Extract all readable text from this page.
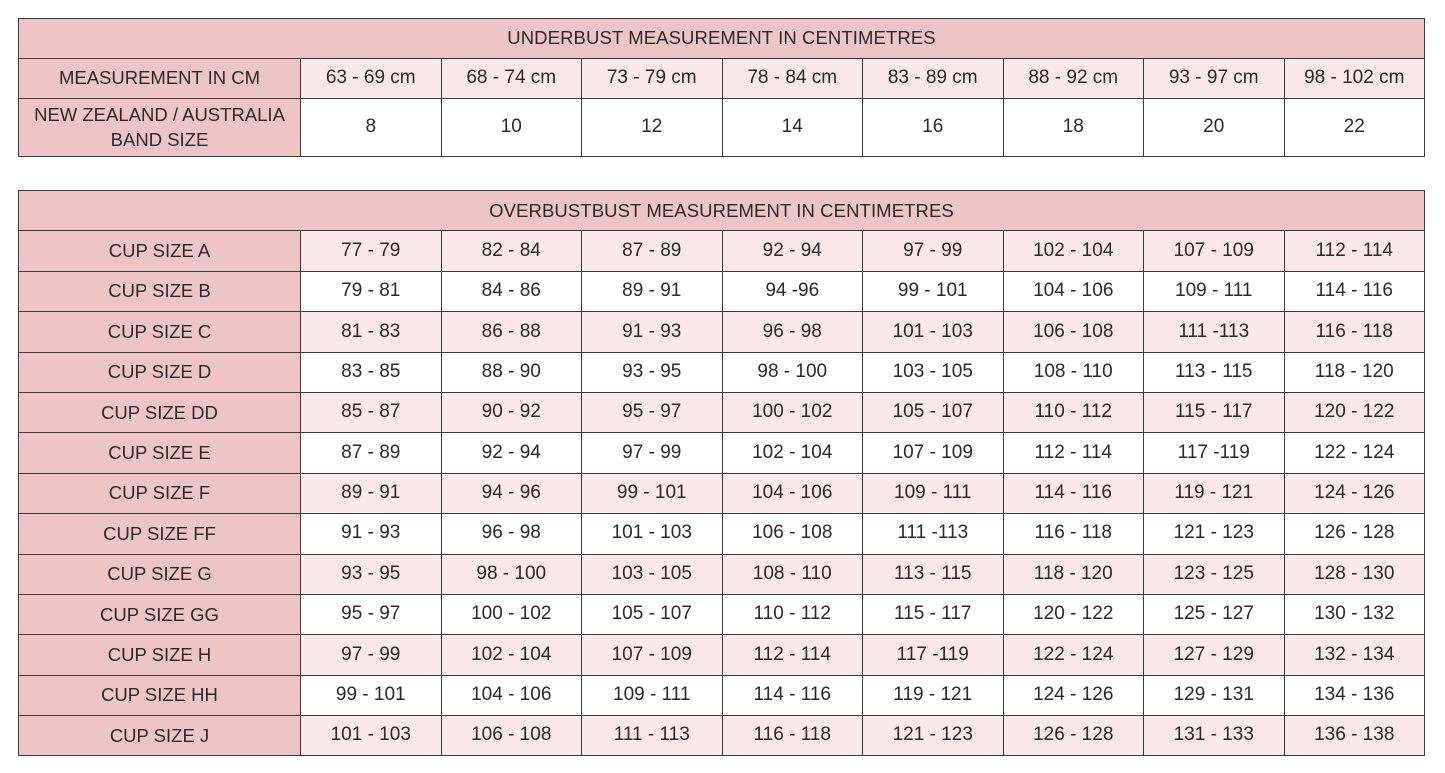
UNDERBUST MEASUREMENT IN CENTIMETRES								
MEASUREMENT IN CM	63 - 69 cm	68 - 74 cm	73 - 79 cm	78 - 84 cm	83 - 89 cm	88 - 92 cm	93 - 97 cm	98 - 102 cm

NEW ZEALAND / AUSTRALIA
BAND SIZE	8	10	12	14	16	18	20	22
OVERBUSTBUST MEASUREMENT IN CENTIMETRES								
CUP SIZE A	77 - 79	82 - 84	87 - 89	92 - 94	97 - 99	102 - 104	107 - 109	112 - 114
CUP SIZE B	79 - 81	84 - 86	89 - 91	94 -96	99 - 101	104 - 106	109 - 111	114 - 116
CUP SIZE C	81 - 83	86 - 88	91 - 93	96 - 98	101 - 103	106 - 108	111 -113	116 - 118
CUP SIZE D	83 - 85	88 - 90	93 - 95	98 - 100	103 - 105	108 - 110	113 - 115	118 - 120
CUP SIZE DD	85 - 87	90 - 92	95 - 97	100 - 102	105 - 107	110 - 112	115 - 117	120 - 122
CUP SIZE E	87 - 89	92 - 94	97 - 99	102 - 104	107 - 109	112 - 114	117 -119	122 - 124
CUP SIZE F	89 - 91	94 - 96	99 - 101	104 - 106	109 - 111	114 - 116	119 - 121	124 - 126
CUP SIZE FF	91 - 93	96 - 98	101 - 103	106 - 108	111 -113	116 - 118	121 - 123	126 - 128
CUP SIZE G	93 - 95	98 - 100	103 - 105	108 - 110	113 - 115	118 - 120	123 - 125	128 - 130
CUP SIZE GG	95 - 97	100 - 102	105 - 107	110 - 112	115 - 117	120 - 122	125 - 127	130 - 132
CUP SIZE H	97 - 99	102 - 104	107 - 109	112 - 114	117 -119	122 - 124	127 - 129	132 - 134
CUP SIZE HH	99 - 101	104 - 106	109 - 111	114 - 116	119 - 121	124 - 126	129 - 131	134 - 136
CUP SIZE J	101 - 103	106 - 108	111 - 113	116 - 118	121 - 123	126 - 128	131 - 133	136 - 138
